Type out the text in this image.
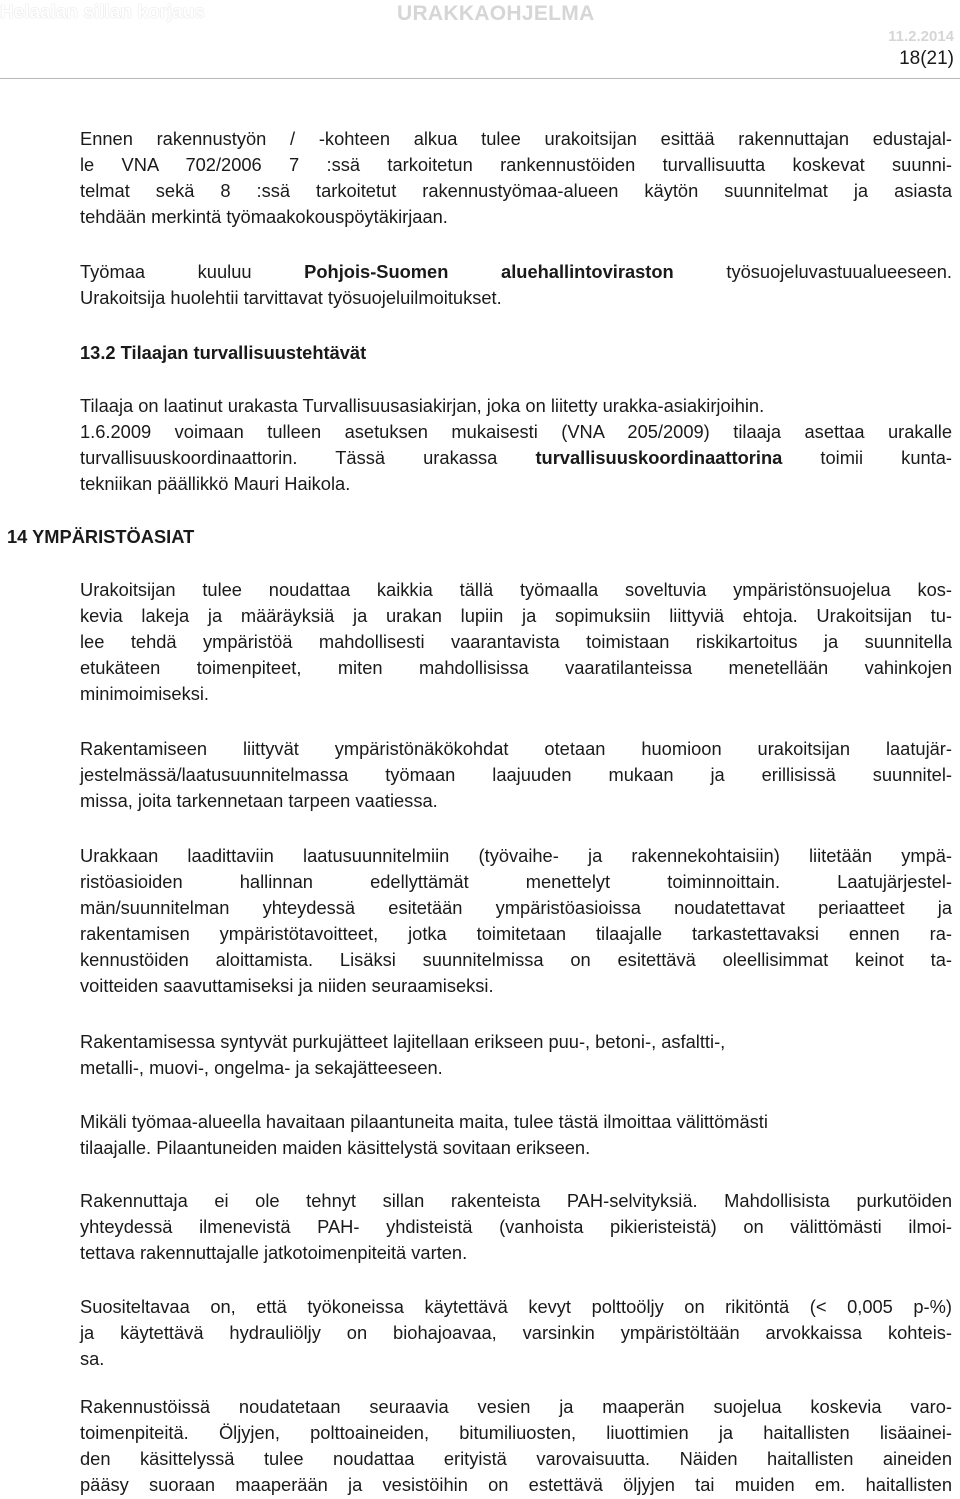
Helaalan sillan korjaus	URAKKAOHJELMA
11.2.2014
18(21)
Ennen rakennustyön / -kohteen alkua tulee urakoitsijan esittää rakennuttajan edustajal-
le VNA 702/2006 7 :ssä tarkoitetun rankennustöiden turvallisuutta koskevat suunni-
telmat sekä 8 :ssä tarkoitetut rakennustyömaa-alueen käytön suunnitelmat ja asiasta
tehdään merkintä työmaakokouspöytäkirjaan.
Työmaa kuuluu Pohjois-Suomen aluehallintoviraston työsuojeluvastuualueeseen.
Urakoitsija huolehtii tarvittavat työsuojeluilmoitukset.
13.2 Tilaajan turvallisuustehtävät
Tilaaja on laatinut urakasta Turvallisuusasiakirjan, joka on liitetty urakka-asiakirjoihin.
1.6.2009 voimaan tulleen asetuksen mukaisesti (VNA 205/2009) tilaaja asettaa urakalle
turvallisuuskoordinaattorin. Tässä urakassa turvallisuuskoordinaattorina toimii kunta-
tekniikan päällikkö Mauri Haikola.
14 YMPÄRISTÖASIAT
Urakoitsijan tulee noudattaa kaikkia tällä työmaalla soveltuvia ympäristönsuojelua kos-
kevia lakeja ja määräyksiä ja urakan lupiin ja sopimuksiin liittyviä ehtoja. Urakoitsijan tu-
lee tehdä ympäristöä mahdollisesti vaarantavista toimistaan riskikartoitus ja suunnitella
etukäteen toimenpiteet, miten mahdollisissa vaaratilanteissa menetellään vahinkojen
minimoimiseksi.
Rakentamiseen liittyvät ympäristönäkökohdat otetaan huomioon urakoitsijan laatujär-
jestelmässä/laatusuunnitelmassa työmaan laajuuden mukaan ja erillisissä suunnitel-
missa, joita tarkennetaan tarpeen vaatiessa.
Urakkaan laadittaviin laatusuunnitelmiin (työvaihe- ja rakennekohtaisiin) liitetään ympä-
ristöasioiden hallinnan edellyttämät menettelyt toiminnoittain. Laatujärjestel-
män/suunnitelman yhteydessä esitetään ympäristöasioissa noudatettavat periaatteet ja
rakentamisen ympäristötavoitteet, jotka toimitetaan tilaajalle tarkastettavaksi ennen ra-
kennustöiden aloittamista. Lisäksi suunnitelmissa on esitettävä oleellisimmat keinot ta-
voitteiden saavuttamiseksi ja niiden seuraamiseksi.
Rakentamisessa syntyvät purkujätteet lajitellaan erikseen puu-, betoni-, asfaltti-,
metalli-, muovi-, ongelma- ja sekajätteeseen.
Mikäli työmaa-alueella havaitaan pilaantuneita maita, tulee tästä ilmoittaa välittömästi
tilaajalle. Pilaantuneiden maiden käsittelystä sovitaan erikseen.
Rakennuttaja ei ole tehnyt sillan rakenteista PAH-selvityksiä. Mahdollisista purkutöiden
yhteydessä ilmenevistä PAH- yhdisteistä (vanhoista pikieristeistä) on välittömästi ilmoi-
tettava rakennuttajalle jatkotoimenpiteitä varten.
Suositeltavaa on, että työkoneissa käytettävä kevyt polttoöljy on rikitöntä (< 0,005 p-%)
ja käytettävä hydrauliöljy on biohajoavaa, varsinkin ympäristöltään arvokkaissa kohteis-
sa.
Rakennustöissä noudatetaan seuraavia vesien ja maaperän suojelua koskevia varo-
toimenpiteitä. Öljyjen, polttoaineiden, bitumiliuosten, liuottimien ja haitallisten lisäainei-
den käsittelyssä tulee noudattaa erityistä varovaisuutta. Näiden haitallisten aineiden
pääsy suoraan maaperään ja vesistöihin on estettävä öljyjen tai muiden em. haitallisten
